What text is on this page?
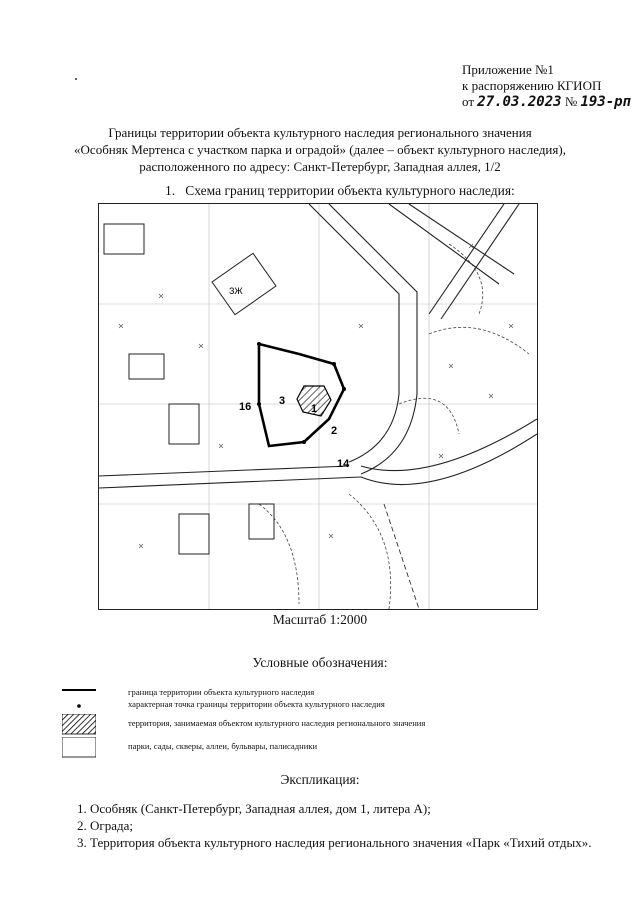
Приложение №1
к распоряжению КГИОП
от 27.03.2023 № 193-рп
Границы территории объекта культурного наследия регионального значения
«Особняк Мертенса с участком парка и оградой» (далее – объект культурного наследия),
расположенного по адресу: Санкт-Петербург, Западная аллея, 1/2
1. Схема границ территории объекта культурного наследия:
1
3
14
16
2
ЗЖ
Масштаб 1:2000
Условные обозначения:
граница территории объекта культурного наследия
характерная точка границы территории объекта культурного наследия
территория, занимаемая объектом культурного наследия регионального значения
парки, сады, скверы, аллеи, бульвары, палисадники
Экспликация:
1. Особняк (Санкт-Петербург, Западная аллея, дом 1, литера А);
2. Ограда;
3. Территория объекта культурного наследия регионального значения «Парк «Тихий отдых».
